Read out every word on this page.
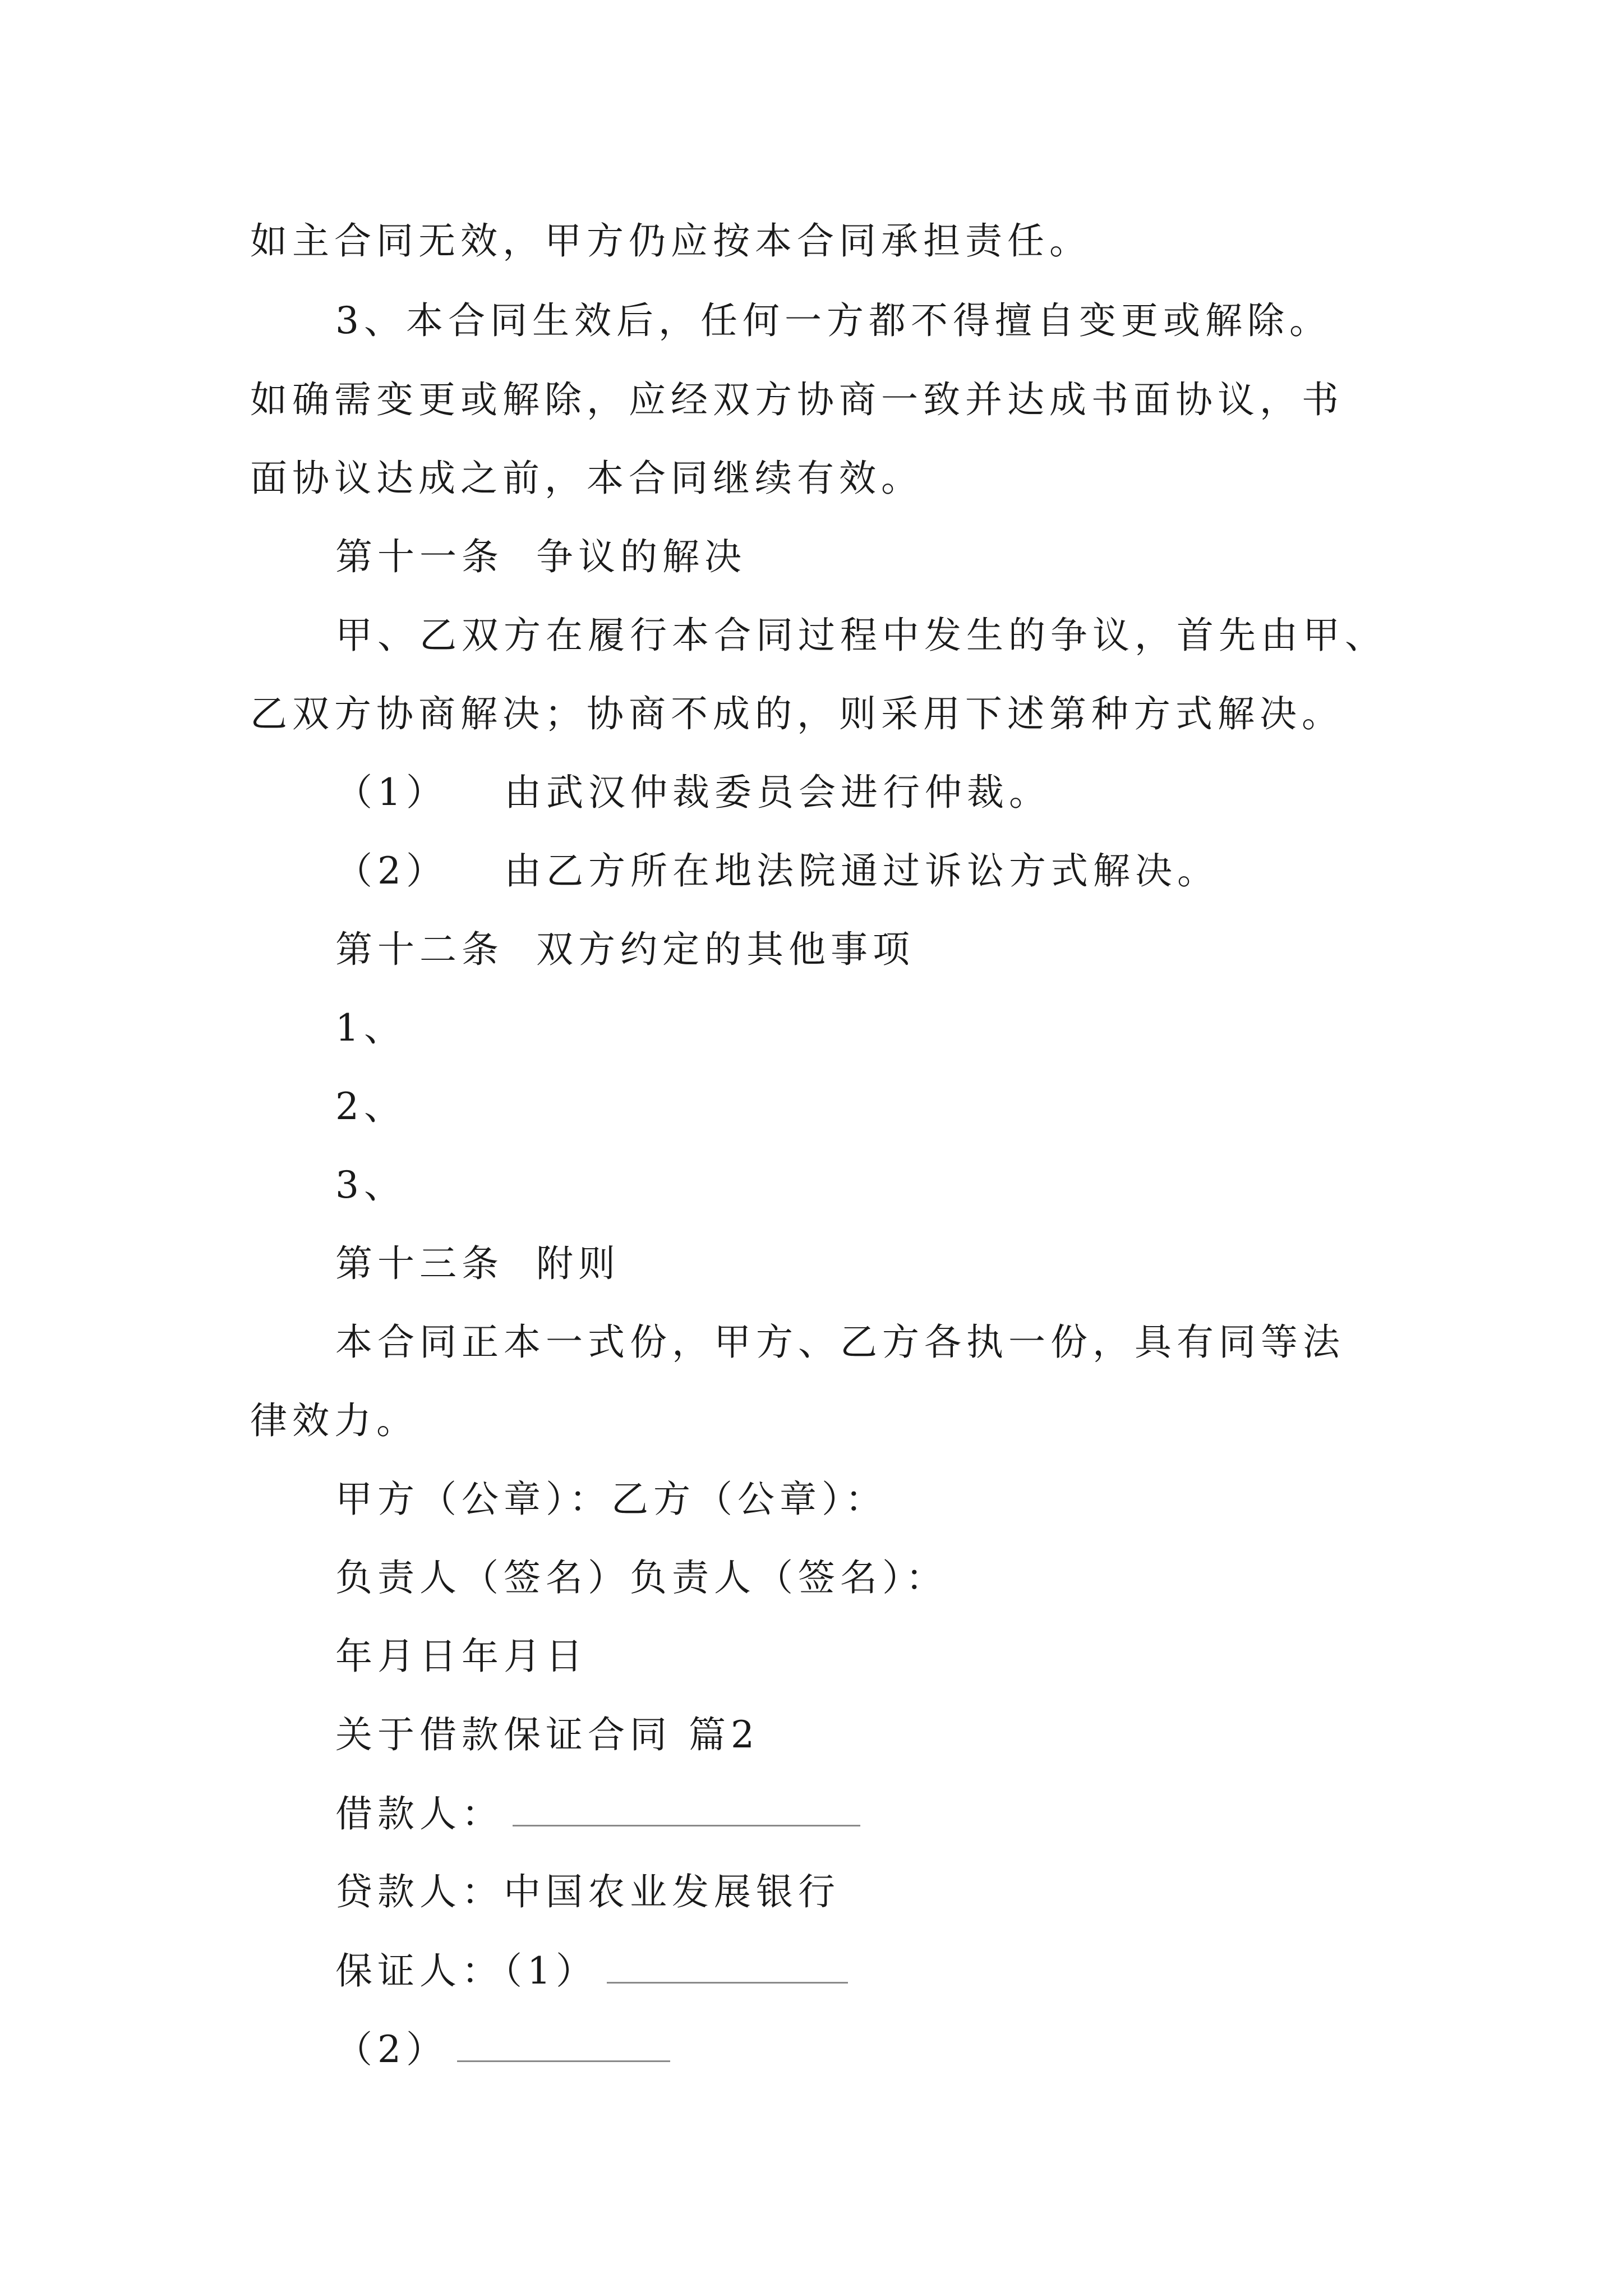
如主合同无效，甲方仍应按本合同承担责任。
3、本合同生效后，任何一方都不得擅自变更或解除。
如确需变更或解除，应经双方协商一致并达成书面协议，书
面协议达成之前，本合同继续有效。
第十一条 争议的解决
甲、乙双方在履行本合同过程中发生的争议，首先由甲、
乙双方协商解决；协商不成的，则采用下述第种方式解决。
（1） 由武汉仲裁委员会进行仲裁。
（2） 由乙方所在地法院通过诉讼方式解决。
第十二条 双方约定的其他事项
1、
2、
3、
第十三条 附则
本合同正本一式份，甲方、乙方各执一份，具有同等法
律效力。
甲方（公章）：乙方（公章）：
负责人（签名）负责人（签名）：
年月日年月日
关于借款保证合同 篇2
借款人：
贷款人：中国农业发展银行
保证人：（1）
（2）
